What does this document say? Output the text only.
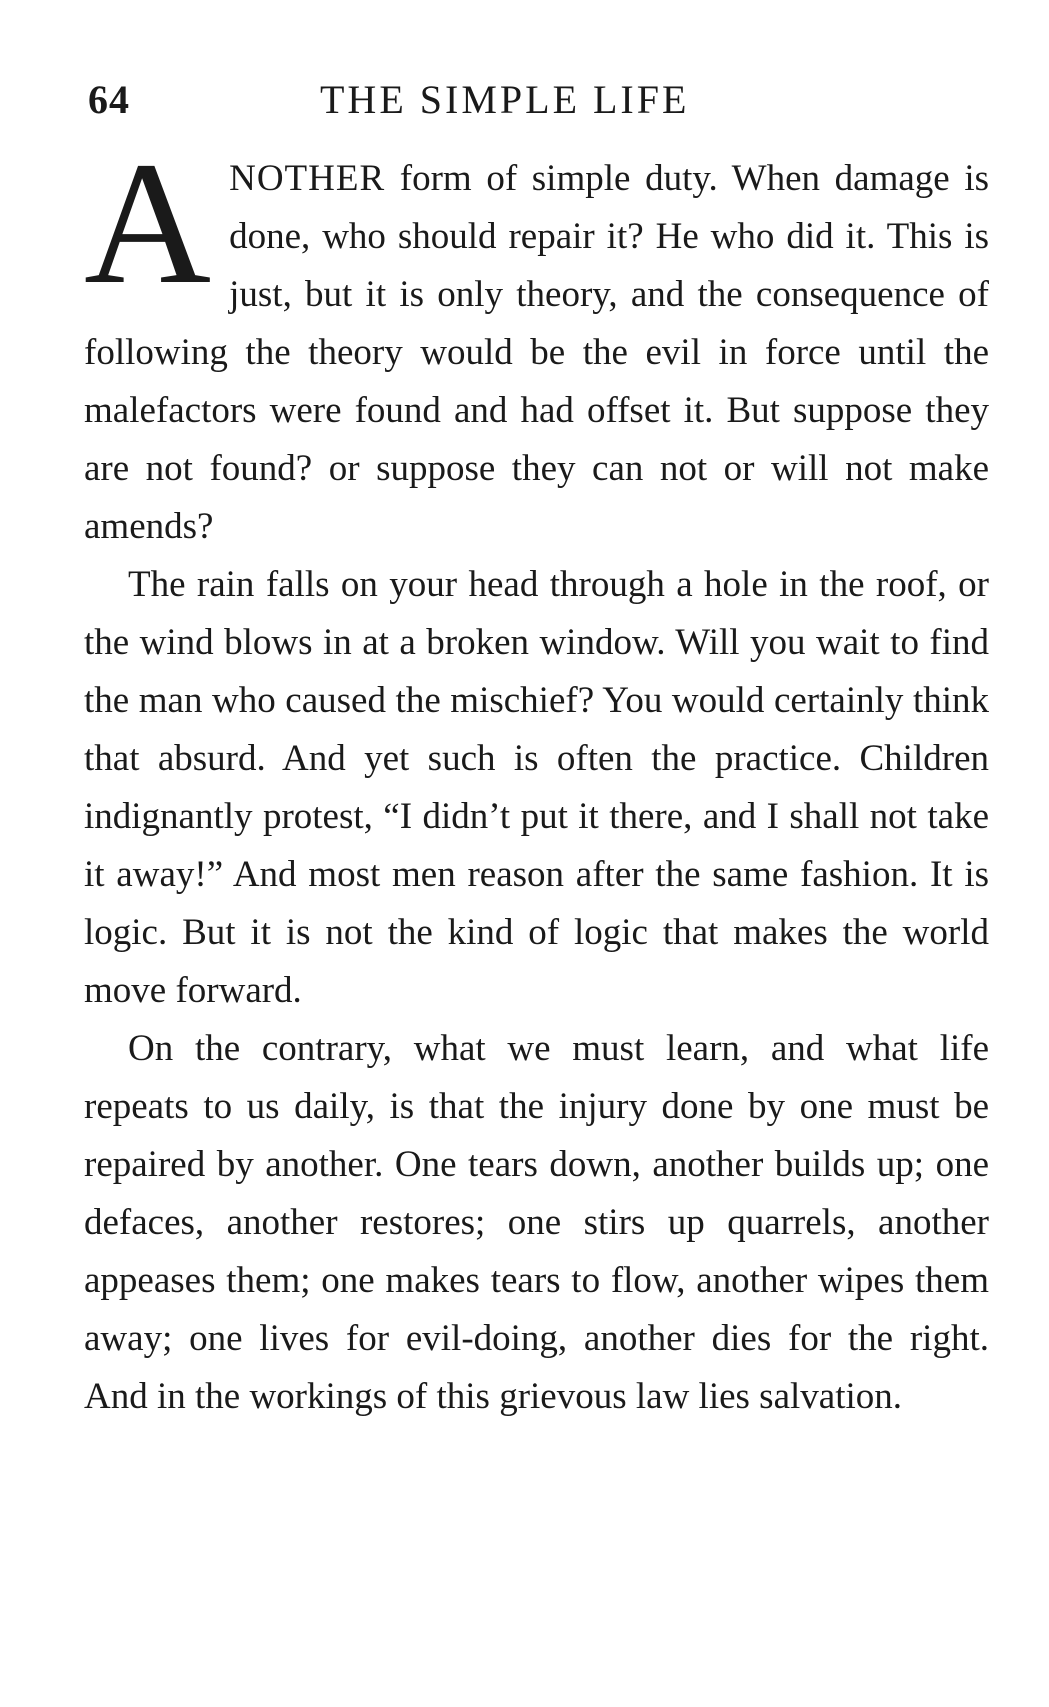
64	THE SIMPLE LIFE

ANOTHER form of simple duty. When damage is done, who should repair it? He who did it. This is just, but it is only theory, and the consequence of following the theory would be the evil in force until the malefactors were found and had offset it. But suppose they are not found? or suppose they can not or will not make amends?

The rain falls on your head through a hole in the roof, or the wind blows in at a broken window. Will you wait to find the man who caused the mischief? You would certainly think that absurd. And yet such is often the practice. Children indignantly protest, “I didn’t put it there, and I shall not take it away!” And most men reason after the same fashion. It is logic. But it is not the kind of logic that makes the world move forward.

On the contrary, what we must learn, and what life repeats to us daily, is that the injury done by one must be repaired by another. One tears down, another builds up; one defaces, another restores; one stirs up quarrels, another appeases them; one makes tears to flow, another wipes them away; one lives for evil-doing, another dies for the right. And in the workings of this grievous law lies salvation.
